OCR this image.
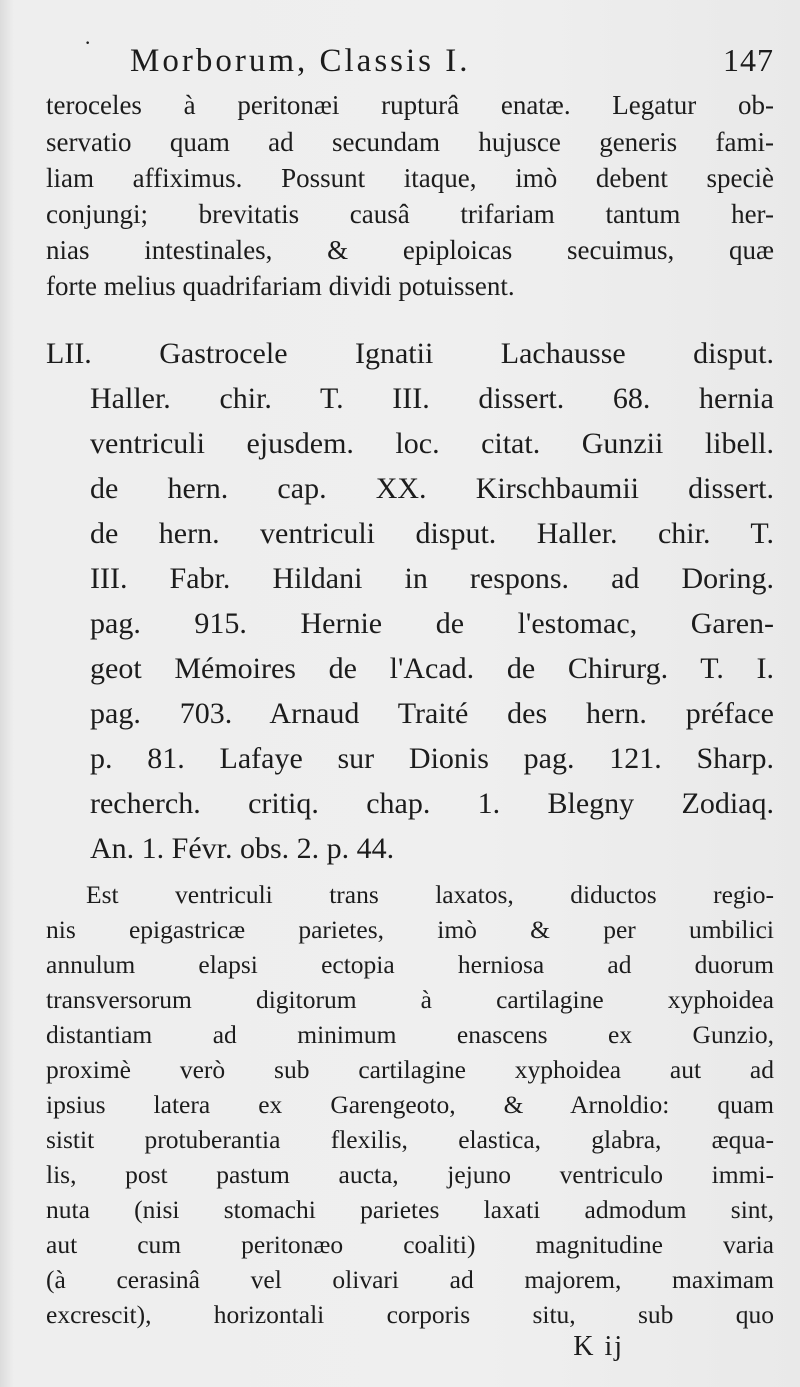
·
Morborum, Classis I.	147
teroceles à peritonæi rupturâ enatæ. Legatur ob-
servatio quam ad secundam hujusce generis fami-
liam affiximus. Possunt itaque, imò debent speciè
conjungi; brevitatis causâ trifariam tantum her-
nias intestinales, & epiploicas secuimus, quæ
forte melius quadrifariam dividi potuissent.
LII. Gastrocele Ignatii Lachausse disput.
Haller. chir. T. III. dissert. 68. hernia
ventriculi ejusdem. loc. citat. Gunzii libell.
de hern. cap. XX. Kirschbaumii dissert.
de hern. ventriculi disput. Haller. chir. T.
III. Fabr. Hildani in respons. ad Doring.
pag. 915. Hernie de l'estomac, Garen-
geot Mémoires de l'Acad. de Chirurg. T. I.
pag. 703. Arnaud Traité des hern. préface
p. 81. Lafaye sur Dionis pag. 121. Sharp.
recherch. critiq. chap. 1. Blegny Zodiaq.
An. 1. Févr. obs. 2. p. 44.
Est ventriculi trans laxatos, diductos regio-
nis epigastricæ parietes, imò & per umbilici
annulum elapsi ectopia herniosa ad duorum
transversorum digitorum à cartilagine xyphoidea
distantiam ad minimum enascens ex Gunzio,
proximè verò sub cartilagine xyphoidea aut ad
ipsius latera ex Garengeoto, & Arnoldio: quam
sistit protuberantia flexilis, elastica, glabra, æqua-
lis, post pastum aucta, jejuno ventriculo immi-
nuta (nisi stomachi parietes laxati admodum sint,
aut cum peritonæo coaliti) magnitudine varia
(à cerasinâ vel olivari ad majorem, maximam
excrescit), horizontali corporis situ, sub quo
K ij
